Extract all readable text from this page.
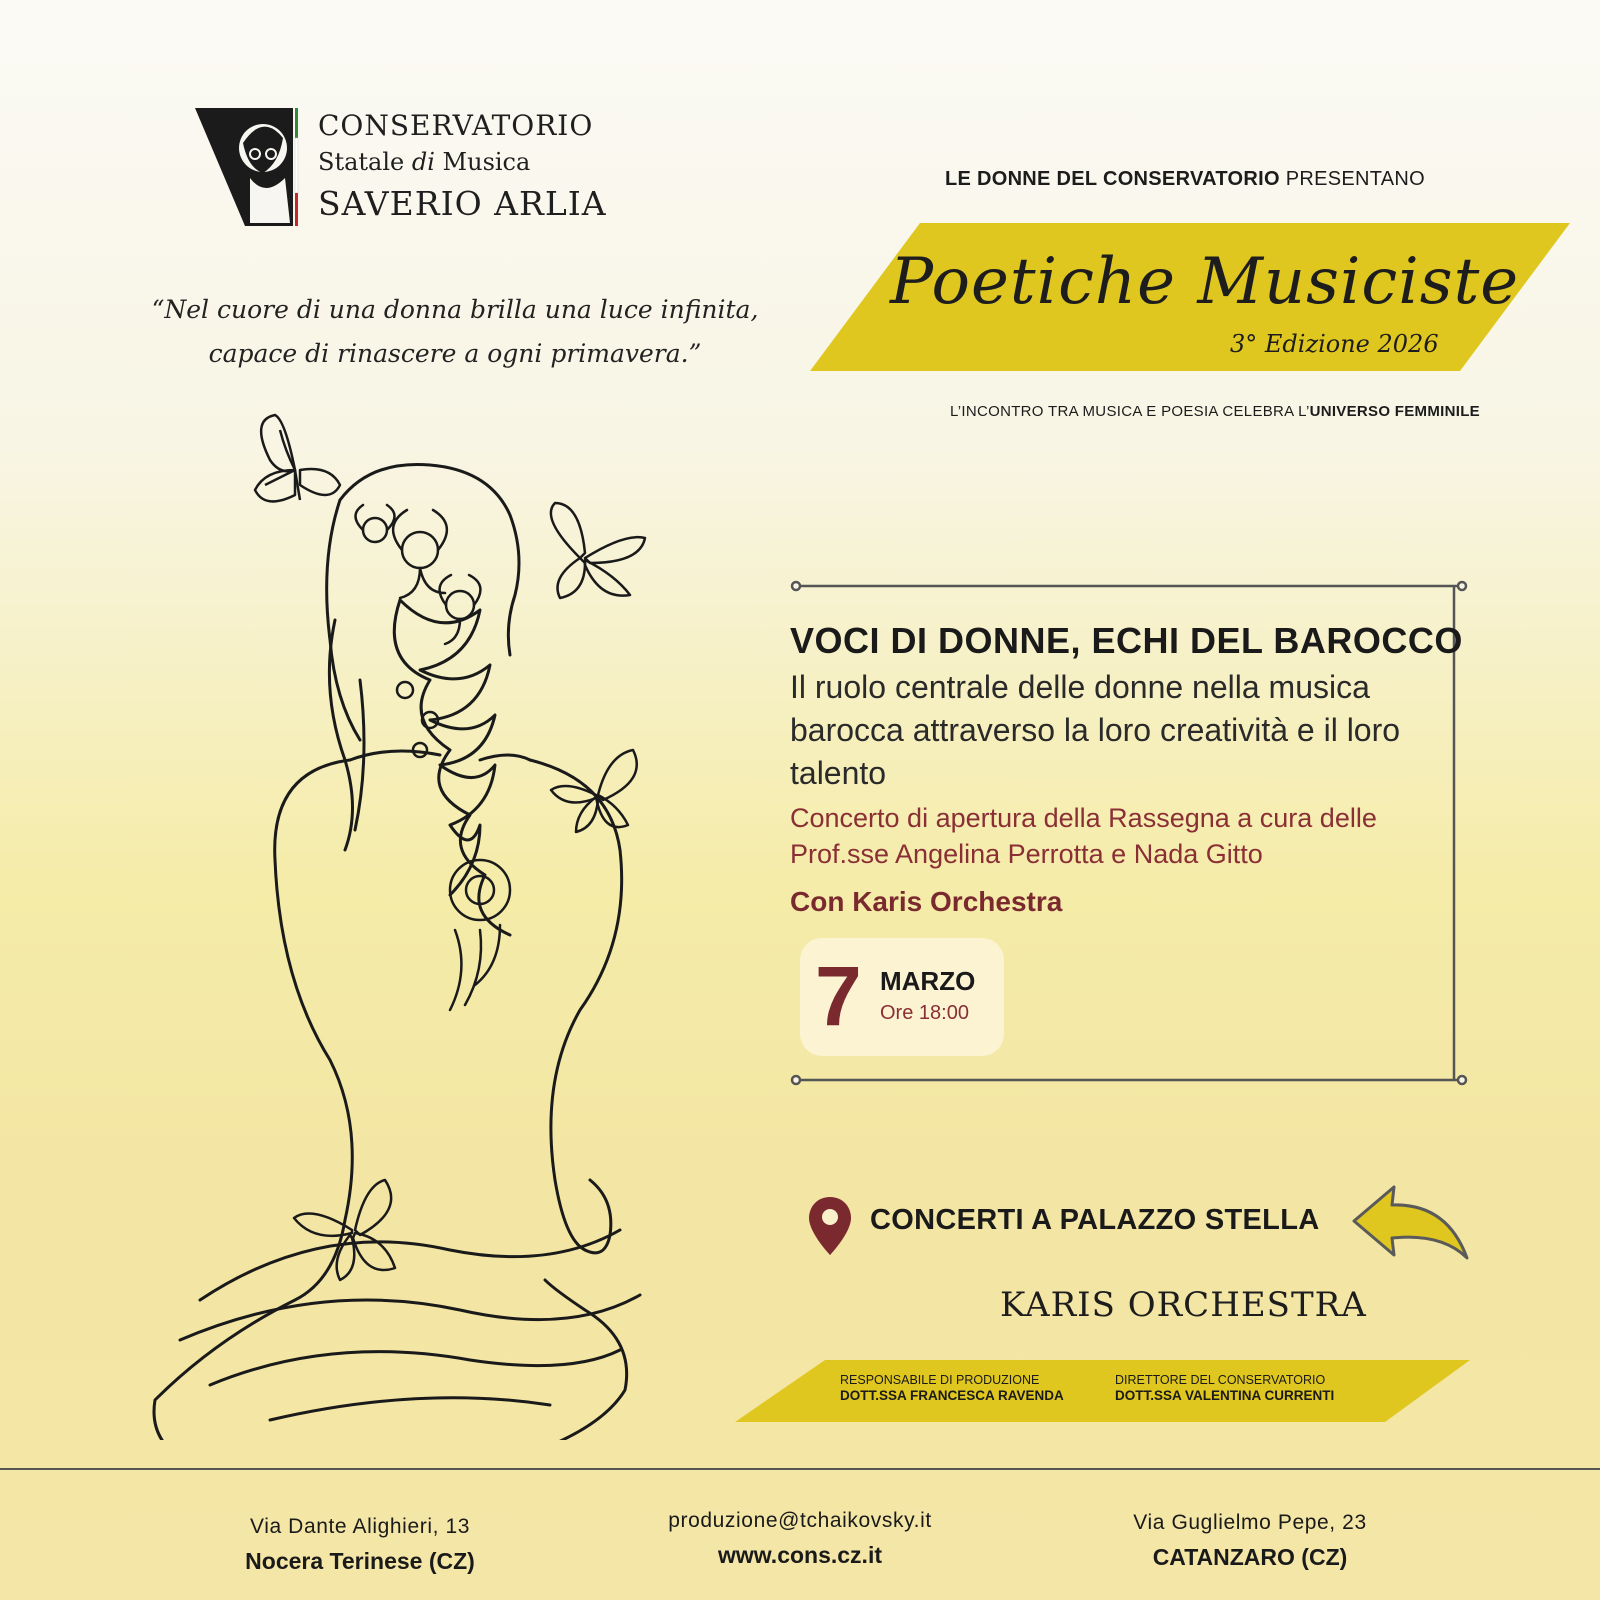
CONSERVATORIO
Statale di Musica
SAVERIO ARLIA
“Nel cuore di una donna brilla una luce infinita,
capace di rinascere a ogni primavera.”
LE DONNE DEL CONSERVATORIO PRESENTANO
Poetiche Musiciste
3° Edizione 2026
L’INCONTRO TRA MUSICA E POESIA CELEBRA L’UNIVERSO FEMMINILE
VOCI DI DONNE, ECHI DEL BAROCCO
Il ruolo centrale delle donne nella musica barocca attraverso la loro creatività e il loro talento
Concerto di apertura della Rassegna a cura delle Prof.sse Angelina Perrotta e Nada Gitto
Con Karis Orchestra
7 MARZO
Ore 18:00
CONCERTI A PALAZZO STELLA
KARIS ORCHESTRA
RESPONSABILE DI PRODUZIONE
DOTT.SSA FRANCESCA RAVENDA
DIRETTORE DEL CONSERVATORIO
DOTT.SSA VALENTINA CURRENTI
Via Dante Alighieri, 13
Nocera Terinese (CZ)
produzione@tchaikovsky.it
www.cons.cz.it
Via Guglielmo Pepe, 23
CATANZARO (CZ)
